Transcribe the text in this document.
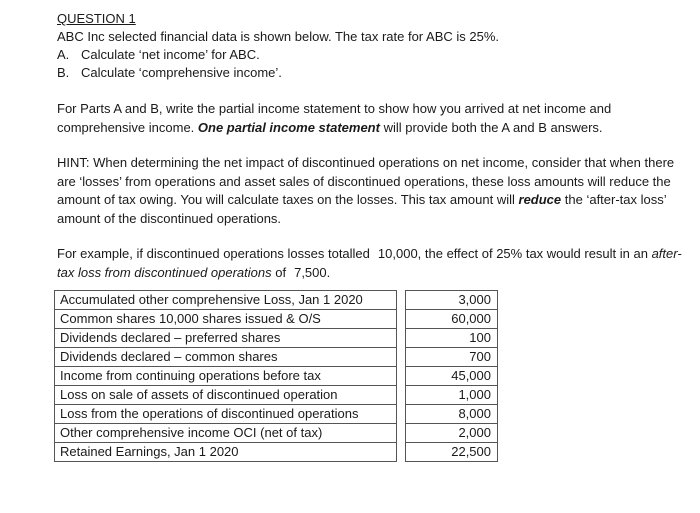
QUESTION 1

ABC Inc selected financial data is shown below. The tax rate for ABC is 25%.

A. Calculate ‘net income’ for ABC.
B. Calculate ‘comprehensive income’.

For Parts A and B, write the partial income statement to show how you arrived at net income and comprehensive income. One partial income statement will provide both the A and B answers.

HINT: When determining the net impact of discontinued operations on net income, consider that when there are ‘losses’ from operations and asset sales of discontinued operations, these loss amounts will reduce the amount of tax owing. You will calculate taxes on the losses. This tax amount will reduce the ‘after-tax loss’ amount of the discontinued operations.

For example, if discontinued operations losses totalled 10,000, the effect of 25% tax would result in an after-tax loss from discontinued operations of 7,500.

Accumulated other comprehensive Loss, Jan 1 2020		3,000
Common shares 10,000 shares issued & O/S		60,000
Dividends declared – preferred shares		100
Dividends declared – common shares		700
Income from continuing operations before tax		45,000
Loss on sale of assets of discontinued operation		1,000
Loss from the operations of discontinued operations		8,000
Other comprehensive income OCI (net of tax)		2,000
Retained Earnings, Jan 1 2020		22,500
